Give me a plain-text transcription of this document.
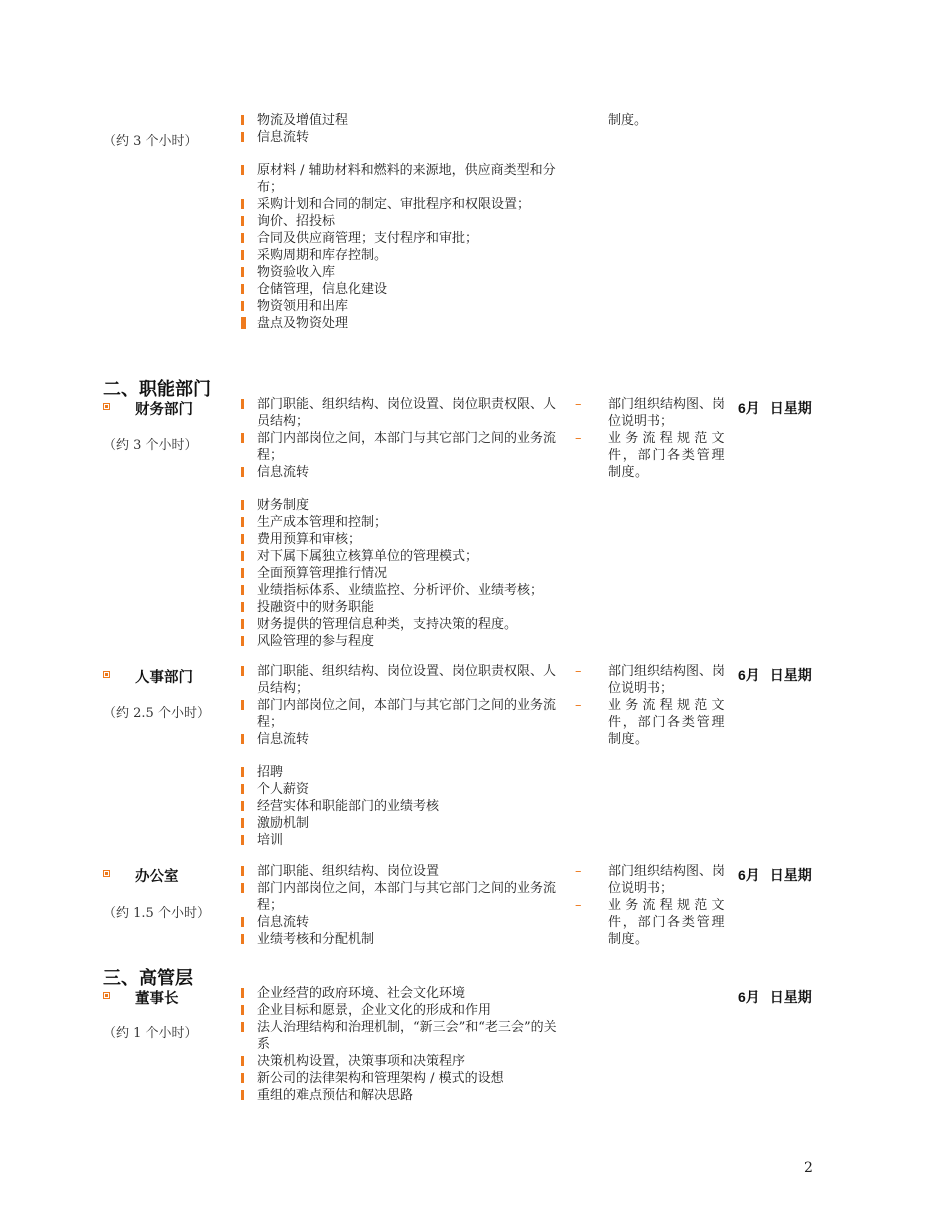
（约 3 个小时）
物流及增值过程
信息流转
原材料 / 辅助材料和燃料的来源地，供应商类型和分布；
采购计划和合同的制定、审批程序和权限设置；
询价、招投标
合同及供应商管理；支付程序和审批；
采购周期和库存控制。
物资验收入库
仓储管理，信息化建设
物资领用和出库
盘点及物资处理
制度。
二、职能部门
财务部门
（约 3 个小时）
部门职能、组织结构、岗位设置、岗位职责权限、人员结构；
部门内部岗位之间，本部门与其它部门之间的业务流程；
信息流转
财务制度
生产成本管理和控制；
费用预算和审核；
对下属下属独立核算单位的管理模式；
全面预算管理推行情况
业绩指标体系、业绩监控、分析评价、业绩考核；
投融资中的财务职能
财务提供的管理信息种类，支持决策的程度。
风险管理的参与程度
– 部门组织结构图、岗位说明书；
– 业务流程规范文件，部门各类管理制度。
6月 日星期
人事部门
（约 2.5 个小时）
部门职能、组织结构、岗位设置、岗位职责权限、人员结构；
部门内部岗位之间，本部门与其它部门之间的业务流程；
信息流转
招聘
个人薪资
经营实体和职能部门的业绩考核
激励机制
培训
– 部门组织结构图、岗位说明书；
– 业务流程规范文件，部门各类管理制度。
6月 日星期
办公室
（约 1.5 个小时）
部门职能、组织结构、岗位设置
部门内部岗位之间，本部门与其它部门之间的业务流程；
信息流转
业绩考核和分配机制
– 部门组织结构图、岗位说明书；
– 业务流程规范文件，部门各类管理制度。
6月 日星期
三、高管层
董事长
（约 1 个小时）
企业经营的政府环境、社会文化环境
企业目标和愿景，企业文化的形成和作用
法人治理结构和治理机制，“新三会”和“老三会”的关系
决策机构设置，决策事项和决策程序
新公司的法律架构和管理架构 / 模式的设想
重组的难点预估和解决思路
6月 日星期
2
